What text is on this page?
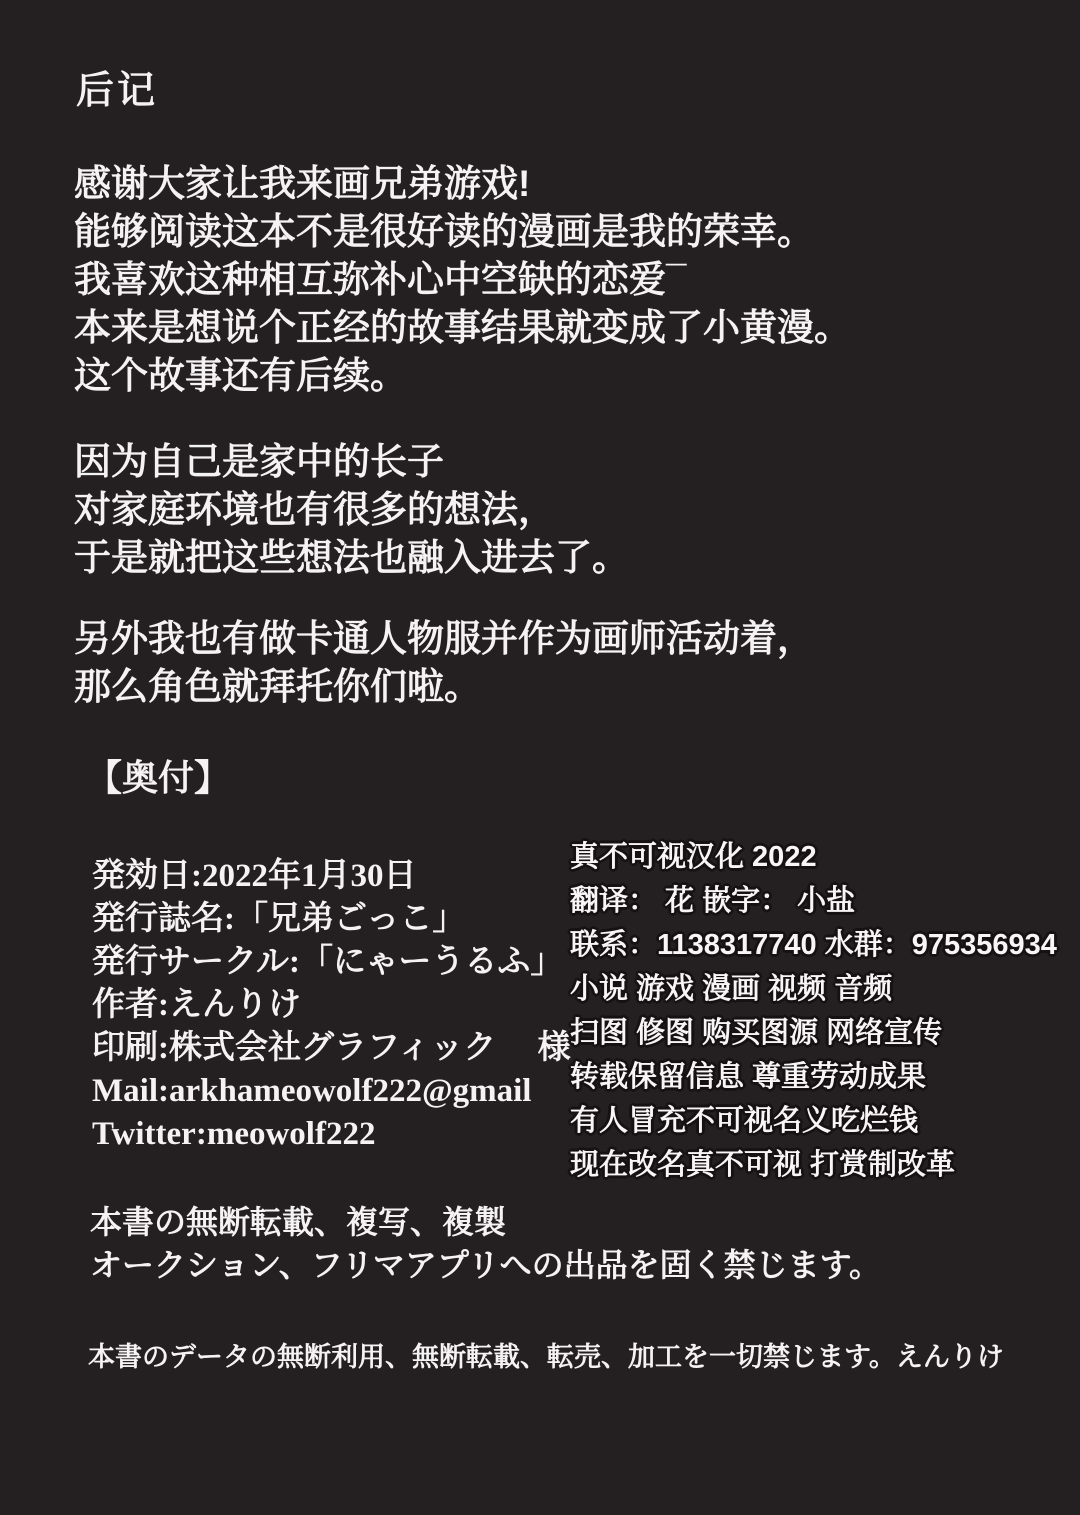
后记
感谢大家让我来画兄弟游戏!
能够阅读这本不是很好读的漫画是我的荣幸。
我喜欢这种相互弥补心中空缺的恋爱¯
本来是想说个正经的故事结果就变成了小黄漫。
这个故事还有后续。
因为自己是家中的长子
对家庭环境也有很多的想法，
于是就把这些想法也融入进去了。
另外我也有做卡通人物服并作为画师活动着，
那么角色就拜托你们啦。
【奥付】
発効日:2022年1月30日
発行誌名:「兄弟ごっこ」
発行サークル:「にゃーうるふ」
作者:えんりけ
印刷:株式会社グラフィック　 様
Mail:arkhameowolf222@gmail
Twitter:meowolf222
真不可视汉化 2022
翻译： 花 嵌字： 小盐
联系：1138317740 水群：975356934
小说 游戏 漫画 视频 音频
扫图 修图 购买图源 网络宣传
转载保留信息 尊重劳动成果
有人冒充不可视名义吃烂钱
现在改名真不可视 打赏制改革
本書の無断転載、複写、複製
オークション、フリマアプリへの出品を固く禁じます。
本書のデータの無断利用、無断転載、転売、加工を一切禁じます。えんりけ
